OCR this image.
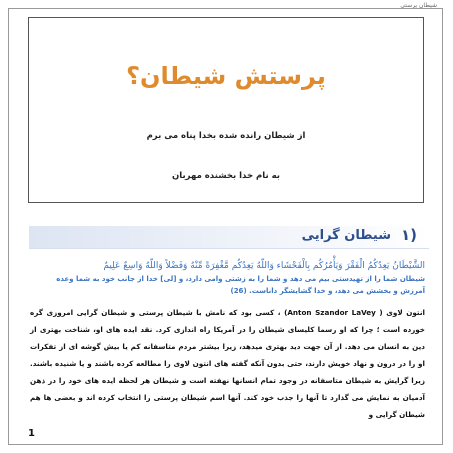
شیطان پرستی
پرستش شیطان؟
از شیطان رانده شده بخدا پناه می برم
به نام خدا بخشنده مهربان
(۱
شیطان گرایی
الشَّيْطَانُ يَعِدُكُمُ الْفَقْرَ وَيَأْمُرُكُم بِالْفَحْشَاء وَاللّهُ يَعِدُكُم مَّغْفِرَةً مِّنْهُ وَفَضْلاً وَاللّهُ وَاسِعٌ عَلِيمٌ
شیطان شما را از تهیدستی بیم می دهد و شما را به زشتی وامی دارد، و [لی] خدا از جانب خود به شما وعده آمرزش و بخشش می دهد، و خدا گشایشگر داناست. (26)
انتون لاوی ( Anton Szandor LaVey) ، کسی بود که نامش با شیطان پرستی و شیطان گرایی امروزی گره خورده است ؛ چرا که او رسما کلیسای شیطان را در آمریکا راه اندازی کرد. نقد ایده های او، شناخت بهتری از دین به انسان می دهد. از آن جهت دید بهتری میدهد، زیرا بیشتر مردم متاسفانه کم یا بیش گوشه ای از تفکرات او را در درون و نهاد خویش دارند، حتی بدون آنکه گفته های انتون لاوی را مطالعه کرده باشند و یا شنیده باشند. زیرا گرایش به شیطان متاسفانه در وجود تمام انسانها نهفته است و شیطان هر لحظه ایده های خود را در ذهن آدمیان به نمایش می گذارد تا آنها را جذب خود کند. آنها اسم شیطان پرستی را انتخاب کرده اند و بعضی ها هم شیطان گرایی و
1
